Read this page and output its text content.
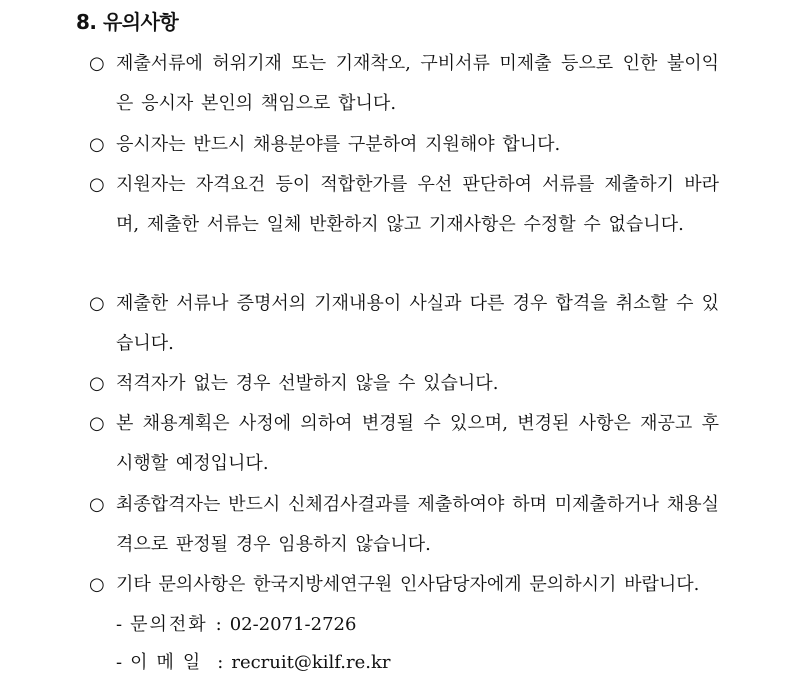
8. 유의사항
○ 제출서류에 허위기재 또는 기재착오, 구비서류 미제출 등으로 인한 불이익은 응시자 본인의 책임으로 합니다.
○ 응시자는 반드시 채용분야를 구분하여 지원해야 합니다.
○ 지원자는 자격요건 등이 적합한가를 우선 판단하여 서류를 제출하기 바라며, 제출한 서류는 일체 반환하지 않고 기재사항은 수정할 수 없습니다.
○ 제출한 서류나 증명서의 기재내용이 사실과 다른 경우 합격을 취소할 수 있습니다.
○ 적격자가 없는 경우 선발하지 않을 수 있습니다.
○ 본 채용계획은 사정에 의하여 변경될 수 있으며, 변경된 사항은 재공고 후 시행할 예정입니다.
○ 최종합격자는 반드시 신체검사결과를 제출하여야 하며 미제출하거나 채용실격으로 판정될 경우 임용하지 않습니다.
○ 기타 문의사항은 한국지방세연구원 인사담당자에게 문의하시기 바랍니다.
- 문의전화 : 02-2071-2726
- 이메일 : recruit@kilf.re.kr
